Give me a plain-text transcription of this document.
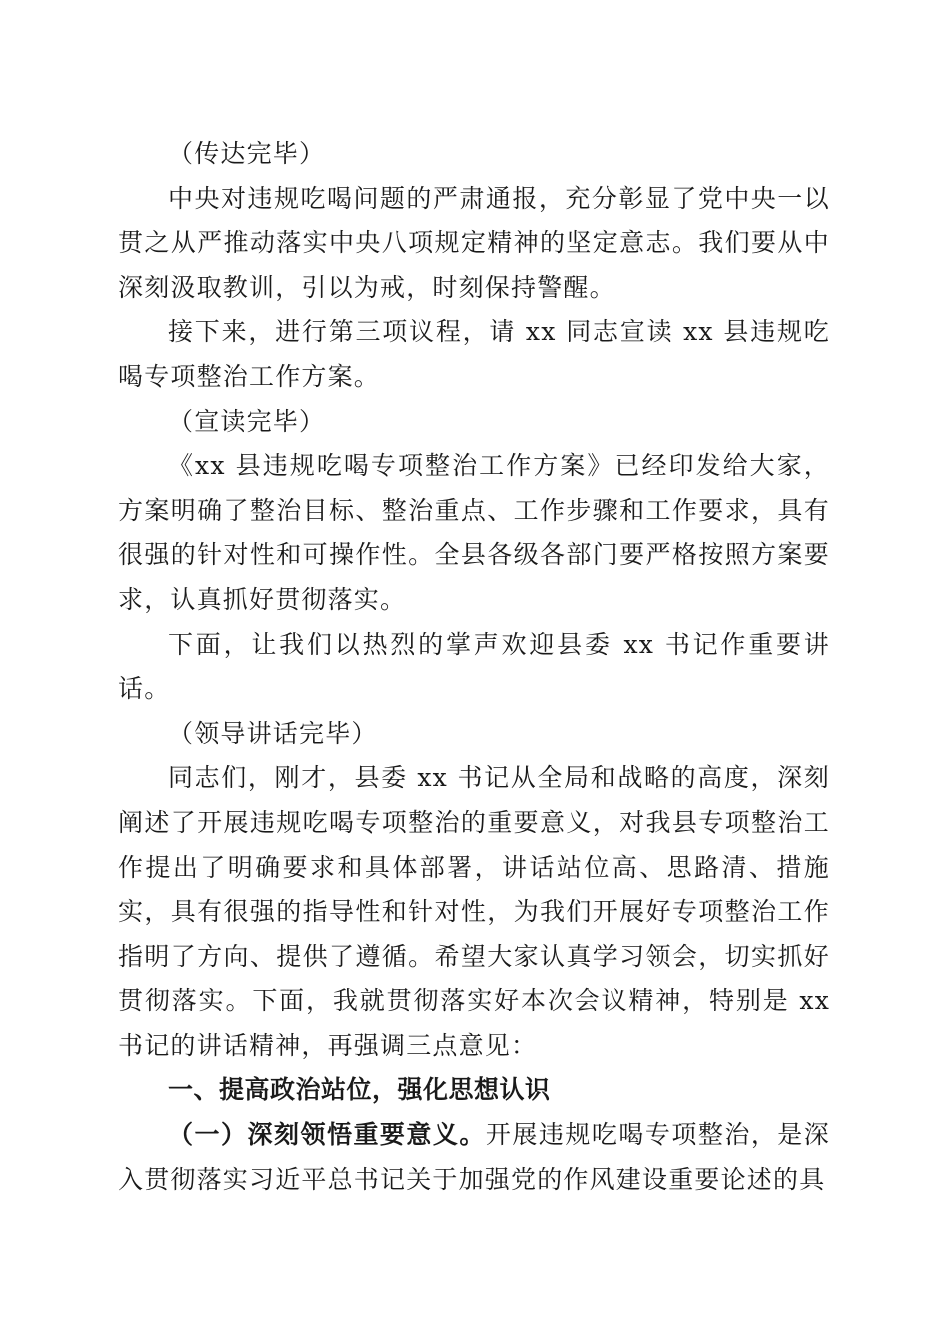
（传达完毕）

中央对违规吃喝问题的严肃通报，充分彰显了党中央一以贯之从严推动落实中央八项规定精神的坚定意志。我们要从中深刻汲取教训，引以为戒，时刻保持警醒。

接下来，进行第三项议程，请 xx 同志宣读 xx 县违规吃喝专项整治工作方案。

（宣读完毕）

《xx 县违规吃喝专项整治工作方案》已经印发给大家，方案明确了整治目标、整治重点、工作步骤和工作要求，具有很强的针对性和可操作性。全县各级各部门要严格按照方案要求，认真抓好贯彻落实。

下面，让我们以热烈的掌声欢迎县委 xx 书记作重要讲话。

（领导讲话完毕）

同志们，刚才，县委 xx 书记从全局和战略的高度，深刻阐述了开展违规吃喝专项整治的重要意义，对我县专项整治工作提出了明确要求和具体部署，讲话站位高、思路清、措施实，具有很强的指导性和针对性，为我们开展好专项整治工作指明了方向、提供了遵循。希望大家认真学习领会，切实抓好贯彻落实。下面，我就贯彻落实好本次会议精神，特别是 xx 书记的讲话精神，再强调三点意见：

一、提高政治站位，强化思想认识

（一）深刻领悟重要意义。开展违规吃喝专项整治，是深入贯彻落实习近平总书记关于加强党的作风建设重要论述的具
